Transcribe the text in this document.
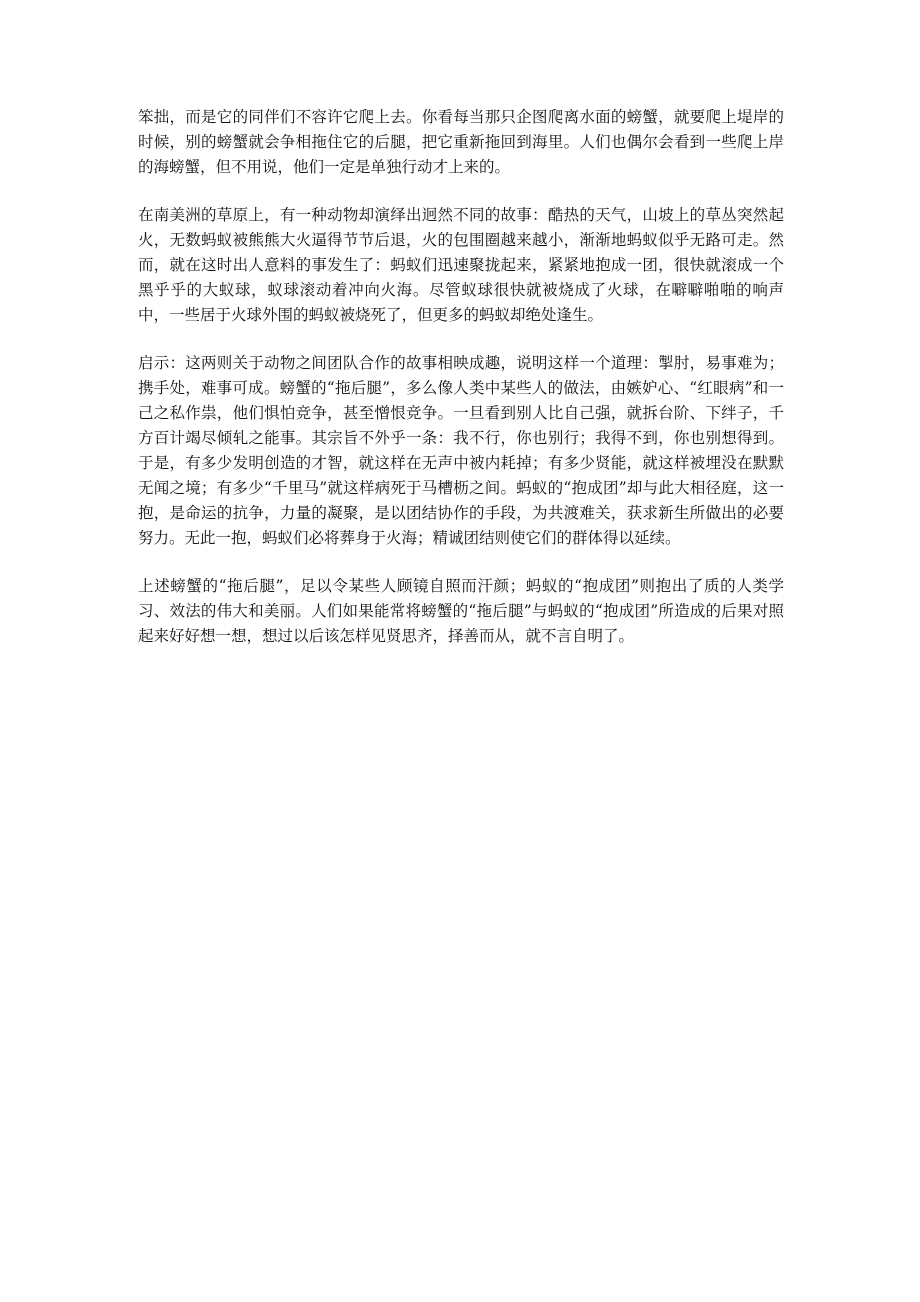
笨拙，而是它的同伴们不容许它爬上去。你看每当那只企图爬离水面的螃蟹，就要爬上堤岸的时候，别的螃蟹就会争相拖住它的后腿，把它重新拖回到海里。人们也偶尔会看到一些爬上岸的海螃蟹，但不用说，他们一定是单独行动才上来的。

在南美洲的草原上，有一种动物却演绎出迥然不同的故事：酷热的天气，山坡上的草丛突然起火，无数蚂蚁被熊熊大火逼得节节后退，火的包围圈越来越小，渐渐地蚂蚁似乎无路可走。然而，就在这时出人意料的事发生了：蚂蚁们迅速聚拢起来，紧紧地抱成一团，很快就滚成一个黑乎乎的大蚁球，蚁球滚动着冲向火海。尽管蚁球很快就被烧成了火球，在噼噼啪啪的响声中，一些居于火球外围的蚂蚁被烧死了，但更多的蚂蚁却绝处逢生。

启示：这两则关于动物之间团队合作的故事相映成趣，说明这样一个道理：掣肘，易事难为；携手处，难事可成。螃蟹的“拖后腿”，多么像人类中某些人的做法，由嫉妒心、“红眼病”和一己之私作祟，他们惧怕竞争，甚至憎恨竞争。一旦看到别人比自己强，就拆台阶、下绊子，千方百计竭尽倾轧之能事。其宗旨不外乎一条：我不行，你也别行；我得不到，你也别想得到。于是，有多少发明创造的才智，就这样在无声中被内耗掉；有多少贤能，就这样被埋没在默默无闻之境；有多少“千里马”就这样病死于马槽枥之间。蚂蚁的“抱成团”却与此大相径庭，这一抱，是命运的抗争，力量的凝聚，是以团结协作的手段，为共渡难关，获求新生所做出的必要努力。无此一抱，蚂蚁们必将葬身于火海；精诚团结则使它们的群体得以延续。

上述螃蟹的“拖后腿”，足以令某些人顾镜自照而汗颜；蚂蚁的“抱成团”则抱出了质的人类学习、效法的伟大和美丽。人们如果能常将螃蟹的“拖后腿”与蚂蚁的“抱成团”所造成的后果对照起来好好想一想，想过以后该怎样见贤思齐，择善而从，就不言自明了。
